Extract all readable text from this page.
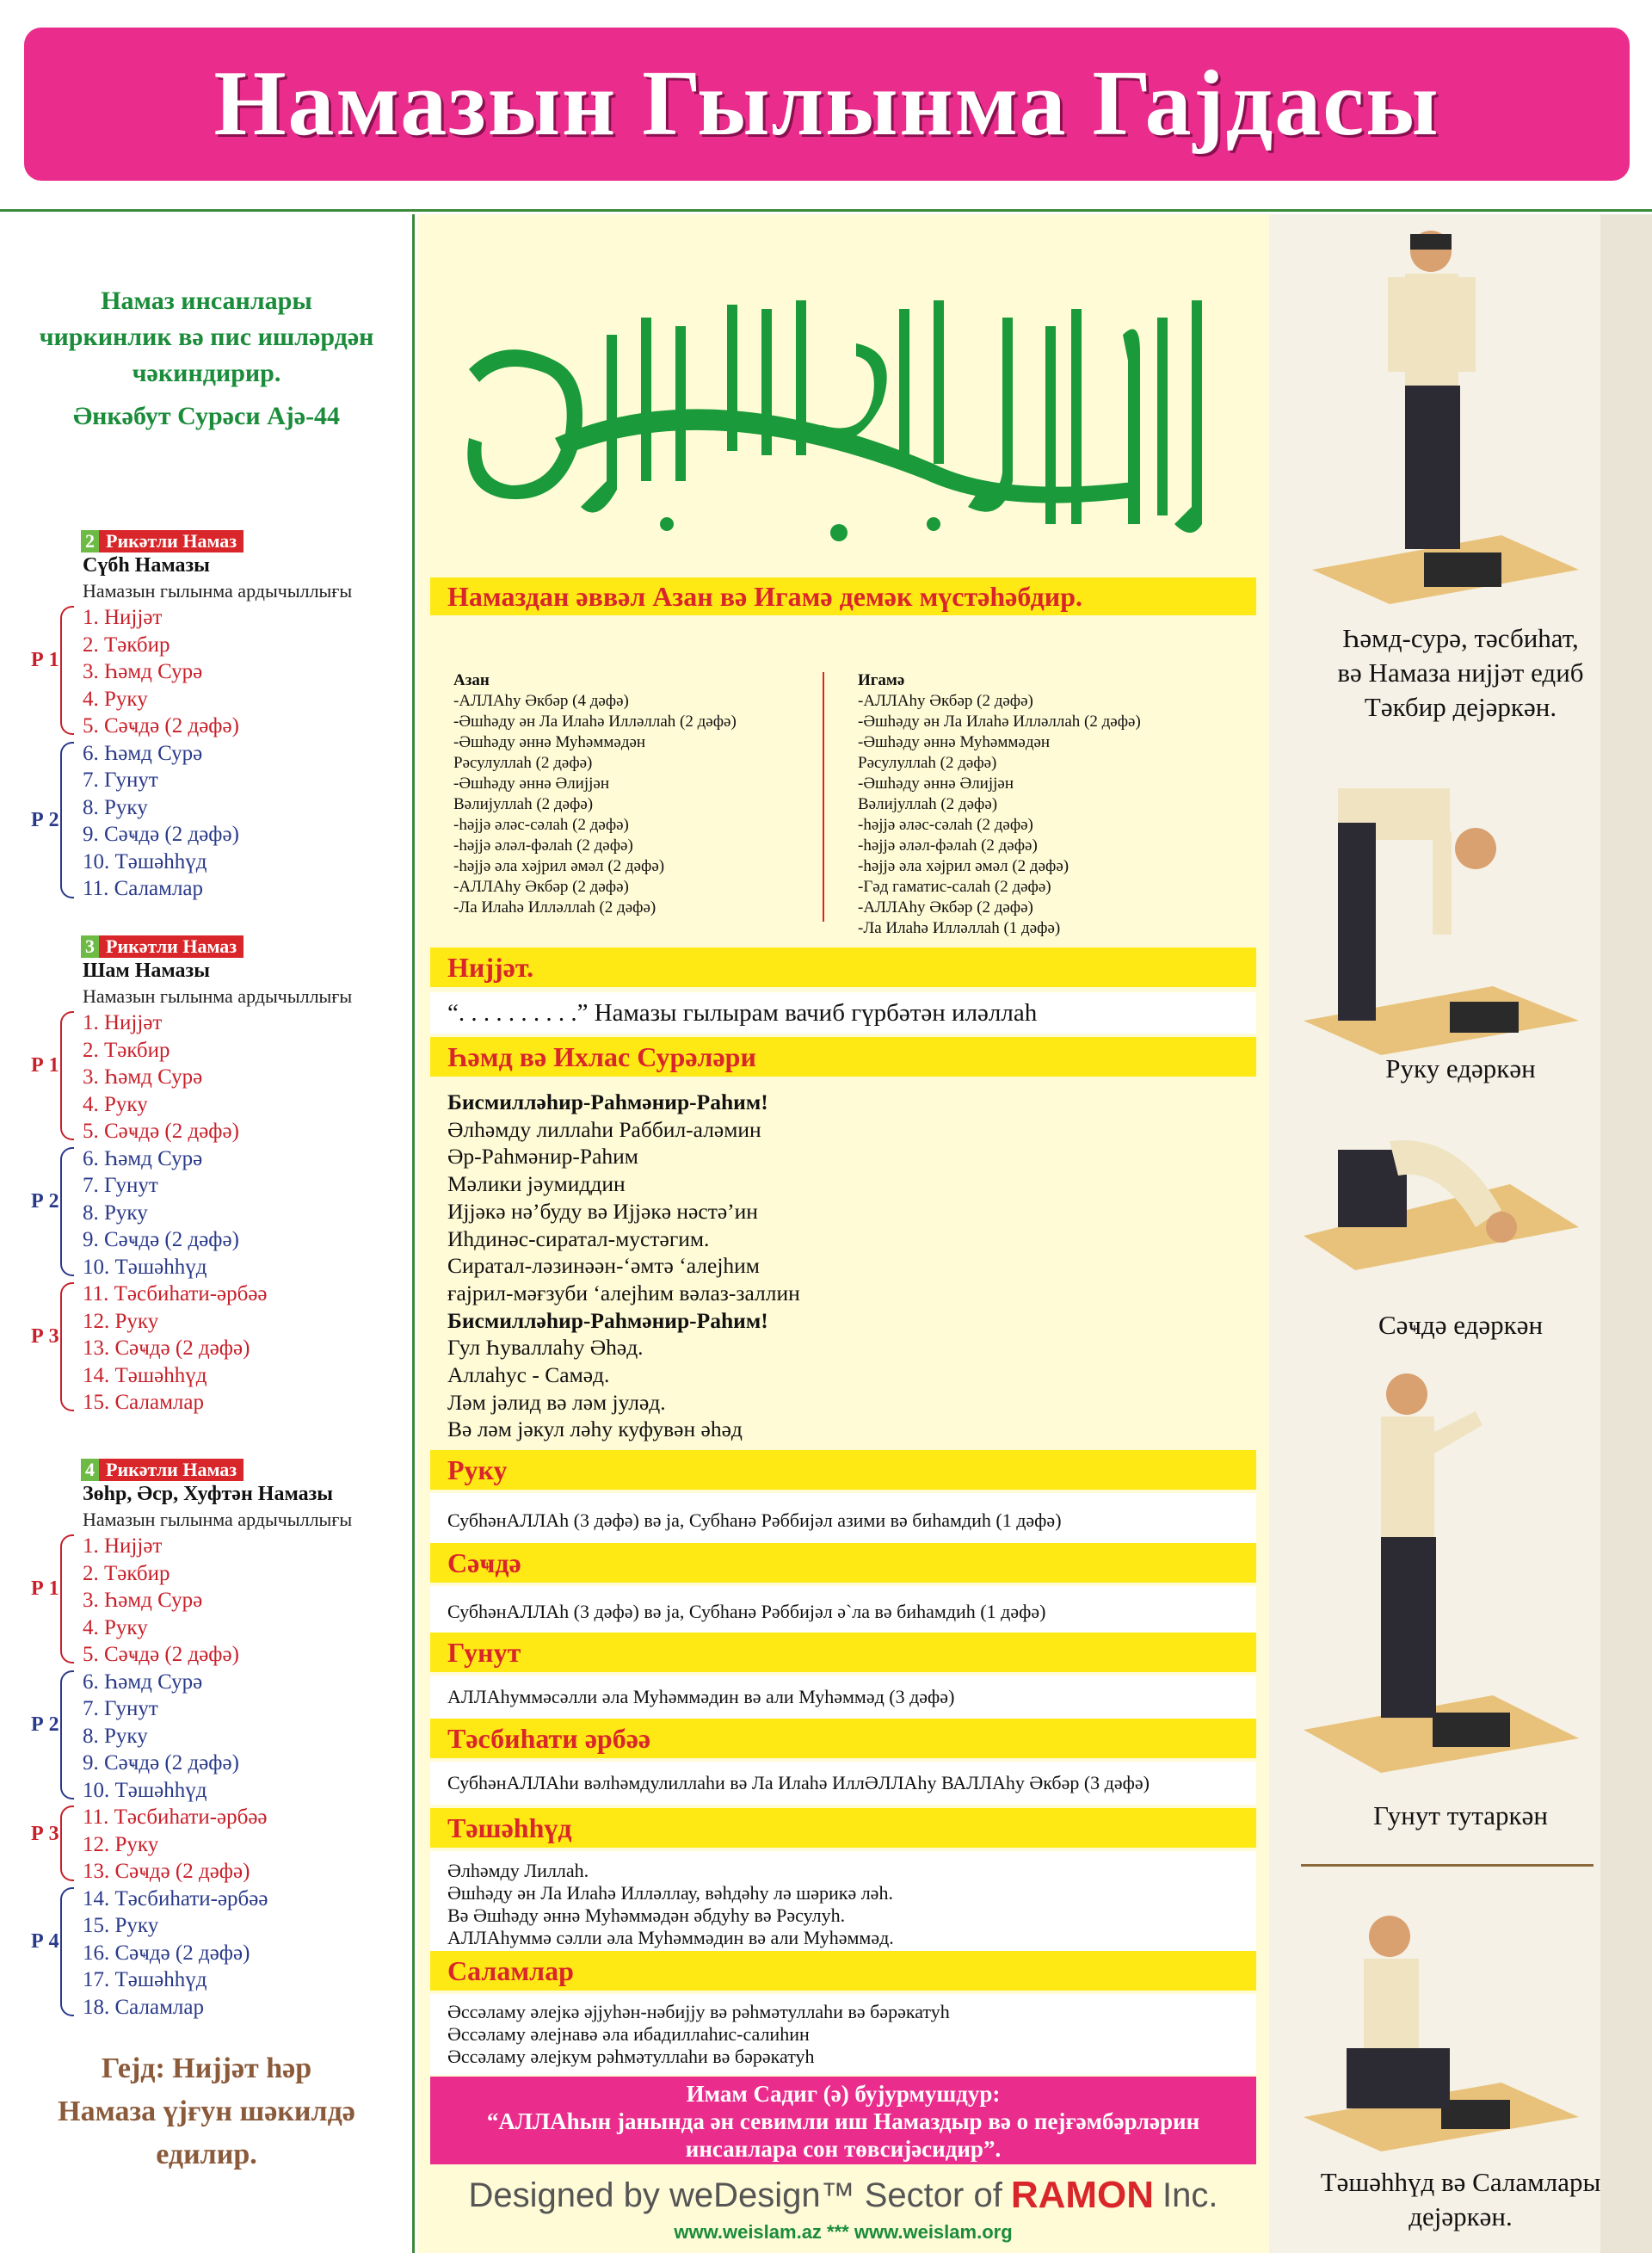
Намазын Гылынма Гајдасы
Намаз инсанлары
чиркинлик вә пис ишләрдән
чәкиндирир.
Әнкәбут Сурәси Ајә-44
2 Рикәтли Намаз
Сүбһ Намазы
Намазын гылынма ардычыллығы
Р 1
1. Нијјәт
2. Тәкбир
3. Һәмд Сурә
4. Руку
5. Сәҹдә (2 дәфә)
Р 2
6. Һәмд Сурә
7. Гунут
8. Руку
9. Сәҹдә (2 дәфә)
10. Тәшәһһүд
11. Саламлар
3 Рикәтли Намаз
Шам Намазы
Намазын гылынма ардычыллығы
Р 1
1. Нијјәт
2. Тәкбир
3. Һәмд Сурә
4. Руку
5. Сәҹдә (2 дәфә)
Р 2
6. Һәмд Сурә
7. Гунут
8. Руку
9. Сәҹдә (2 дәфә)
10. Тәшәһһүд
Р 3
11. Тәсбиһати-әрбәә
12. Руку
13. Сәҹдә (2 дәфә)
14. Тәшәһһүд
15. Саламлар
4 Рикәтли Намаз
Зөһр, Әср, Хуфтән Намазы
Намазын гылынма ардычыллығы
Р 1
1. Нијјәт
2. Тәкбир
3. Һәмд Сурә
4. Руку
5. Сәҹдә (2 дәфә)
Р 2
6. Һәмд Сурә
7. Гунут
8. Руку
9. Сәҹдә (2 дәфә)
10. Тәшәһһүд
Р 3
11. Тәсбиһати-әрбәә
12. Руку
13. Сәҹдә (2 дәфә)
Р 4
14. Тәсбиһати-әрбәә
15. Руку
16. Сәҹдә (2 дәфә)
17. Тәшәһһүд
18. Саламлар
Гејд: Нијјәт һәр
Намаза үјғун шәкилдә
едилир.
Намаздан әввәл Азан вә Игамә демәк мүстәһәбдир.
Азан
-АЛЛАһу Әкбәр (4 дәфә)
-Әшһәду ән Ла Илаһә Илләллаһ (2 дәфә)
-Әшһәду әннә Муһәммәдән
Рәсулуллаһ (2 дәфә)
-Әшһәду әннә Әлијјән
Вәлијуллаһ (2 дәфә)
-һәјјә әләс-сәлаһ (2 дәфә)
-һәјјә әләл-фәлаһ (2 дәфә)
-һәјјә әла хәјрил әмәл (2 дәфә)
-АЛЛАһу Әкбәр (2 дәфә)
-Ла Илаһә Илләллаһ (2 дәфә)
Игамә
-АЛЛАһу Әкбәр (2 дәфә)
-Әшһәду ән Ла Илаһә Илләллаһ (2 дәфә)
-Әшһәду әннә Муһәммәдән
Рәсулуллаһ (2 дәфә)
-Әшһәду әннә Әлијјән
Вәлијуллаһ (2 дәфә)
-һәјјә әләс-сәлаһ (2 дәфә)
-һәјјә әләл-фәлаһ (2 дәфә)
-һәјјә әла хәјрил әмәл (2 дәфә)
-Гәд гаматис-салаһ (2 дәфә)
-АЛЛАһу Әкбәр (2 дәфә)
-Ла Илаһә Илләллаһ (1 дәфә)
Нијјәт.
“. . . . . . . . . .” Намазы гылырам вачиб гүрбәтән иләллаһ
Һәмд вә Ихлас Сурәләри
Бисмилләһир-Раһмәнир-Раһим!
Әлһәмду лиллаһи Раббил-аләмин
Әр-Раһмәнир-Раһим
Мәлики јәумиддин
Ијјәкә нә’буду вә Ијјәкә нәстә’ин
Иһдинәс-сиратал-мустәгим.
Сиратал-ләзинәән-‘әмтә ‘алејһим
ғајрил-мәғзуби ‘алејһим вәлаз-заллин
Бисмилләһир-Раһмәнир-Раһим!
Гул Һуваллаһу Әһәд.
Аллаһус - Самәд.
Ләм јәлид вә ләм јуләд.
Вә ләм јәкул ләһу куфувән әһәд
Руку
СубһәнАЛЛАһ (3 дәфә) вә ја, Субһанә Рәббијәл азими вә биһамдиһ (1 дәфә)
Сәҹдә
СубһәнАЛЛАһ (3 дәфә) вә ја, Субһанә Рәббијәл ә`ла вә биһамдиһ (1 дәфә)
Гунут
АЛЛАһуммәсәлли әла Муһәммәдин вә али Муһәммәд (3 дәфә)
Тәсбиһати әрбәә
СубһәнАЛЛАһи вәлһәмдулиллаһи вә Ла Илаһә ИллӘЛЛАһу ВАЛЛАһу Әкбәр (3 дәфә)
Тәшәһһүд
Әлһәмду Лиллаһ.
Әшһәду ән Ла Илаһә Илләллау, вәһдәһу лә шәрикә ләһ.
Вә Әшһәду әннә Муһәммәдән әбдуһу вә Рәсулуһ.
АЛЛАһуммә сәлли әла Муһәммәдин вә али Муһәммәд.
Саламлар
Әссәламу әлејкә әјјуһән-нәбијју вә рәһмәтуллаһи вә бәрәкатуһ
Әссәламу әлејнавә әла ибадиллаһис-салиһин
Әссәламу әлејкум рәһмәтуллаһи вә бәрәкатуһ
Имам Садиг (ә) бујурмушдур:
“АЛЛАһын јанында ән севимли иш Намаздыр вә о пејғәмбәрләрин
инсанлара сон төвсијәсидир”.
Designed by weDesign™ Sector of RAMON Inc.
www.weislam.az *** www.weislam.org
Һәмд-сурә, тәсбиһат,
вә Намаза нијјәт едиб
Тәкбир дејәркән.
Руку едәркән
Сәҹдә едәркән
Гунут тутаркән
Тәшәһһүд вә Саламлары
дејәркән.
